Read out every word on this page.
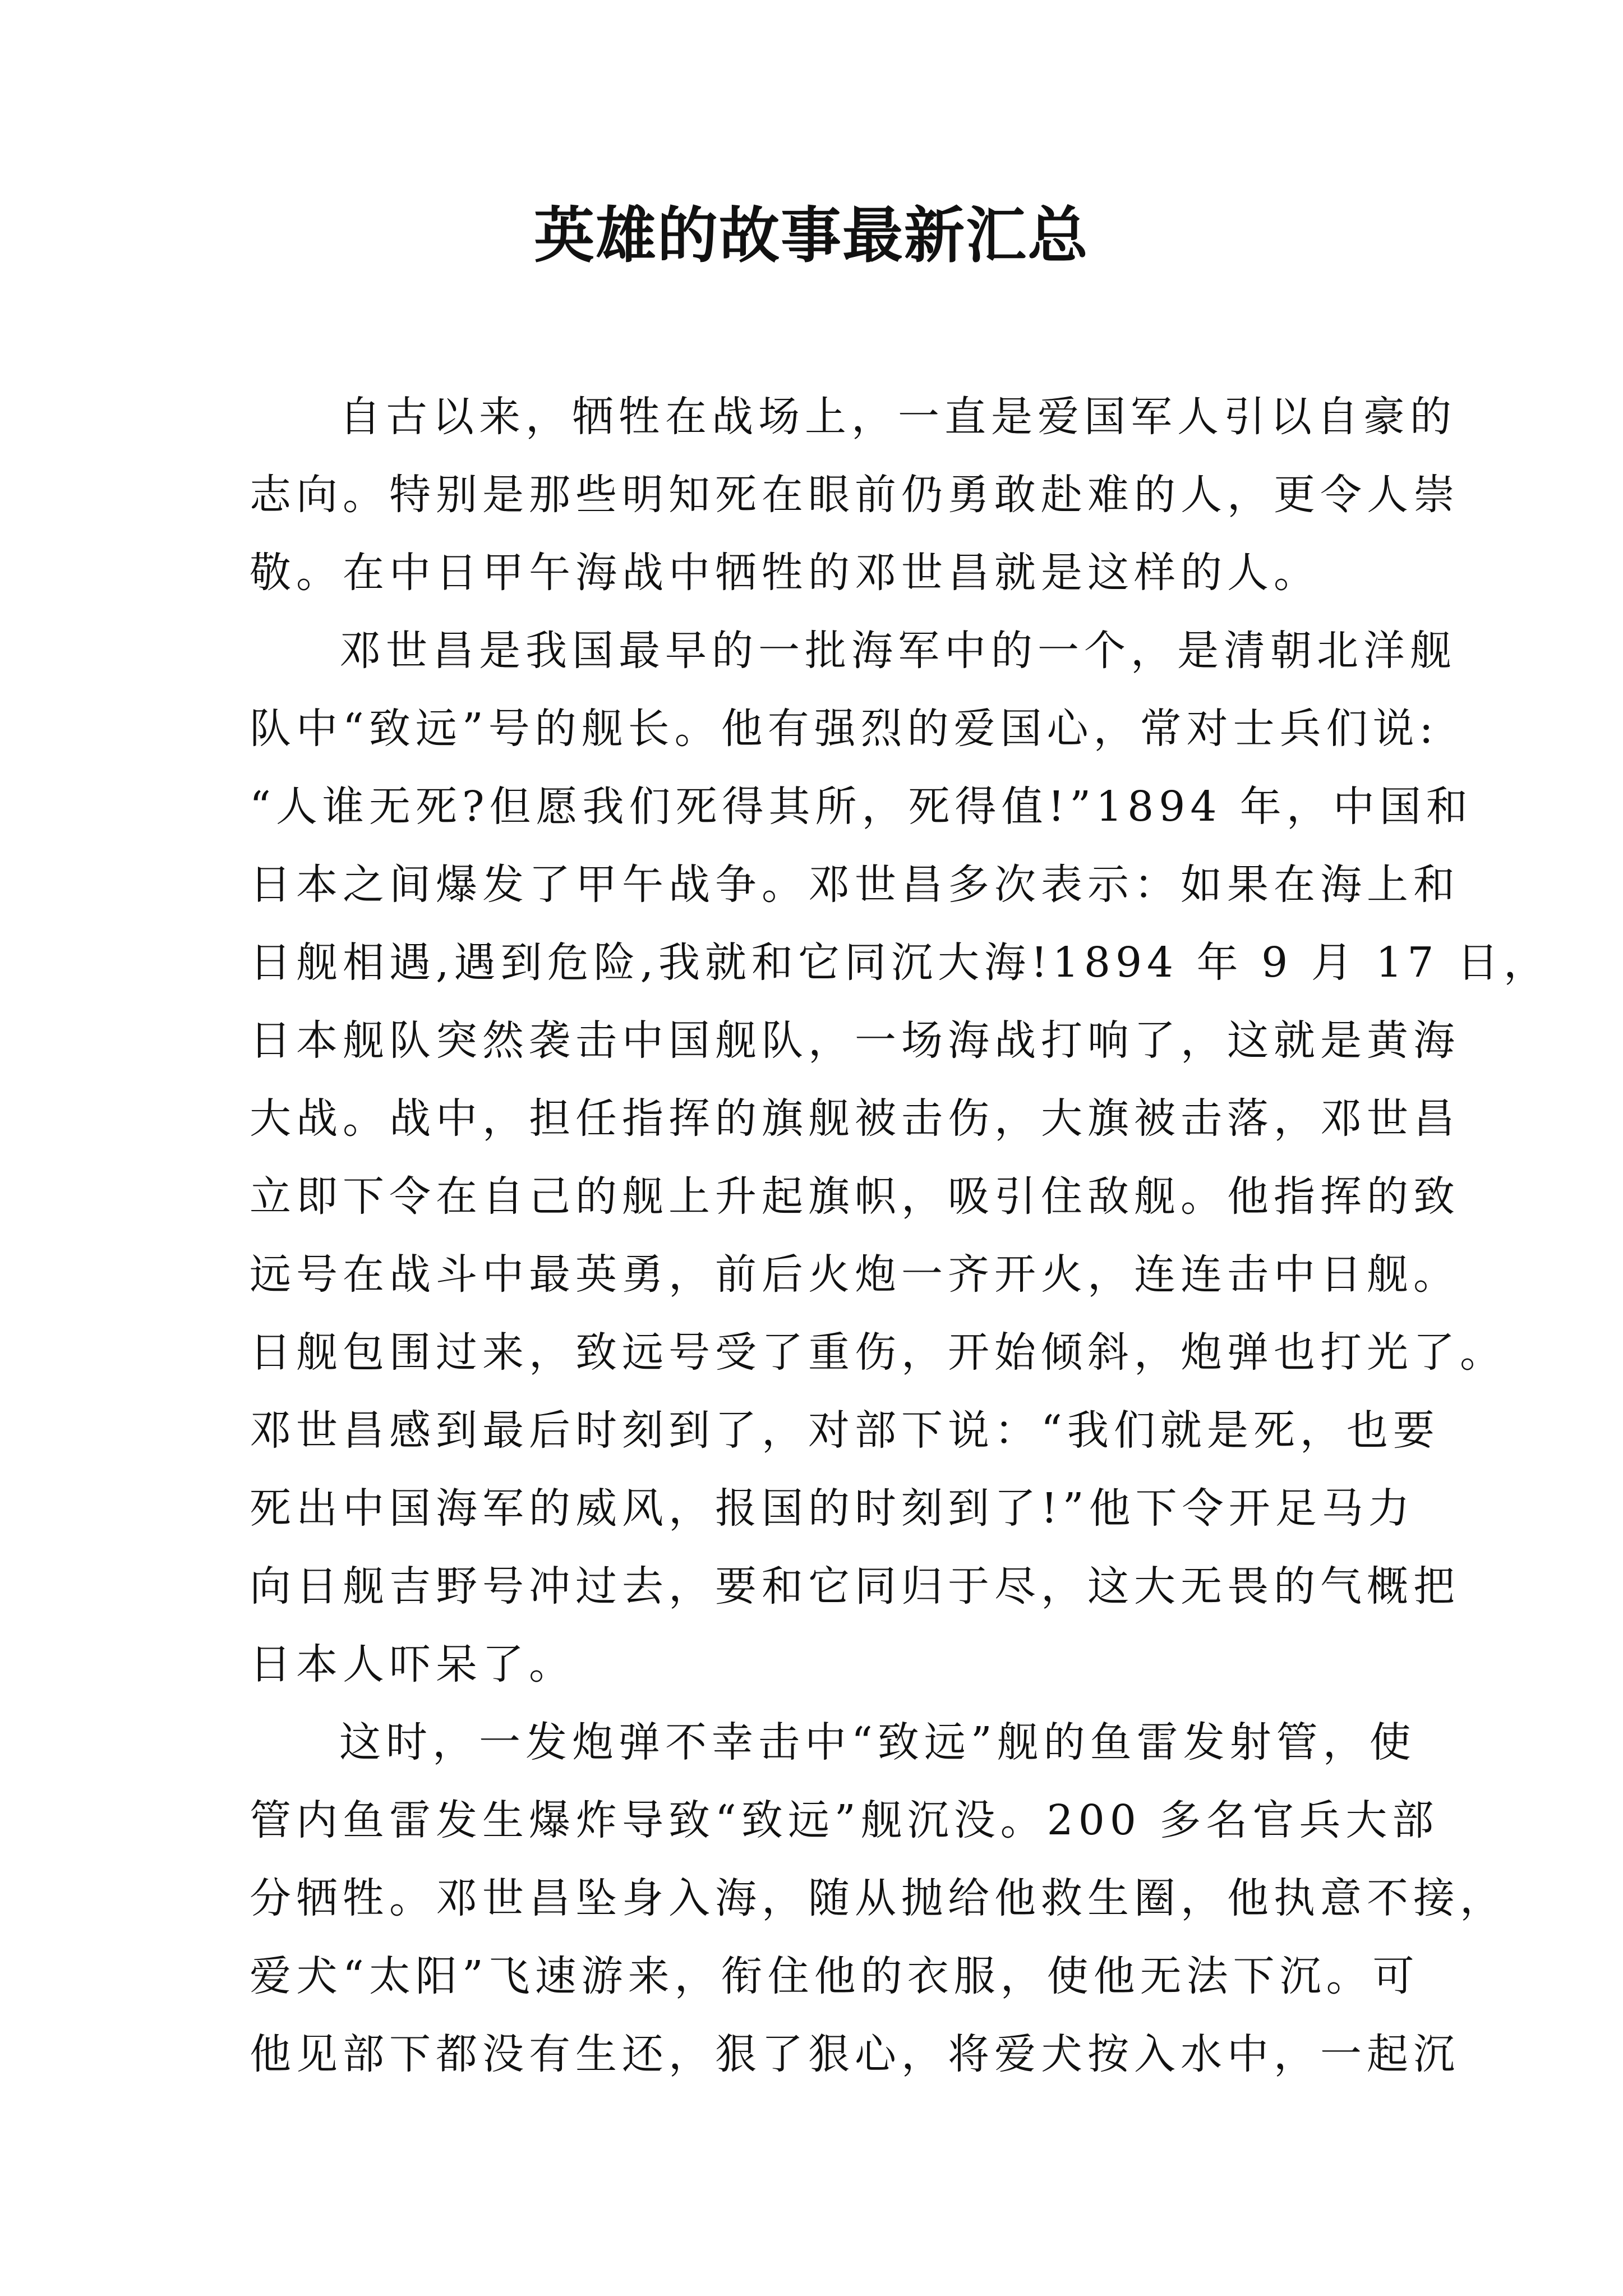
英雄的故事最新汇总
自古以来，牺牲在战场上，一直是爱国军人引以自豪的
志向。特别是那些明知死在眼前仍勇敢赴难的人，更令人崇
敬。在中日甲午海战中牺牲的邓世昌就是这样的人。
邓世昌是我国最早的一批海军中的一个，是清朝北洋舰
队中“致远”号的舰长。他有强烈的爱国心，常对士兵们说:
“人谁无死?但愿我们死得其所，死得值!”1894 年，中国和
日本之间爆发了甲午战争。邓世昌多次表示：如果在海上和
日舰相遇,遇到危险,我就和它同沉大海!1894 年 9 月 17 日，
日本舰队突然袭击中国舰队，一场海战打响了，这就是黄海
大战。战中，担任指挥的旗舰被击伤，大旗被击落，邓世昌
立即下令在自己的舰上升起旗帜，吸引住敌舰。他指挥的致
远号在战斗中最英勇，前后火炮一齐开火，连连击中日舰。
日舰包围过来，致远号受了重伤，开始倾斜，炮弹也打光了。
邓世昌感到最后时刻到了，对部下说：“我们就是死，也要
死出中国海军的威风，报国的时刻到了!”他下令开足马力
向日舰吉野号冲过去，要和它同归于尽，这大无畏的气概把
日本人吓呆了。
这时，一发炮弹不幸击中“致远”舰的鱼雷发射管，使
管内鱼雷发生爆炸导致“致远”舰沉没。200 多名官兵大部
分牺牲。邓世昌坠身入海，随从抛给他救生圈，他执意不接，
爱犬“太阳”飞速游来，衔住他的衣服，使他无法下沉。可
他见部下都没有生还，狠了狠心，将爱犬按入水中，一起沉
